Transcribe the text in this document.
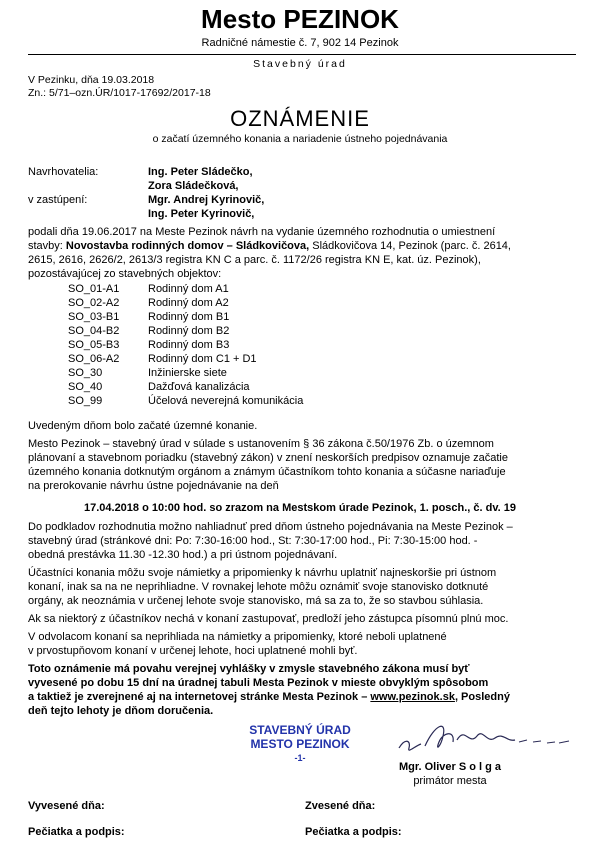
Mesto PEZINOK
Radničné námestie č. 7, 902 14 Pezinok
Stavebný úrad
V Pezinku, dňa 19.03.2018
Zn.: 5/71–ozn.ÚR/1017-17692/2017-18
OZNÁMENIE
o začatí územného konania a nariadenie ústneho pojednávania
Navrhovatelia:	Ing. Peter Sládečko,
Zora Sládečková,
v zastúpení:	Mgr. Andrej Kyrinovič,
Ing. Peter Kyrinovič,
podali dňa 19.06.2017 na Meste Pezinok návrh na vydanie územného rozhodnutia o umiestnení
stavby: Novostavba rodinných domov – Sládkovičova, Sládkovičova 14, Pezinok (parc. č. 2614,
2615, 2616, 2626/2, 2613/3 registra KN C a parc. č. 1172/26 registra KN E, kat. úz. Pezinok),
pozostávajúcej zo stavebných objektov:
SO_01-A1	Rodinný dom A1
SO_02-A2	Rodinný dom A2
SO_03-B1	Rodinný dom B1
SO_04-B2	Rodinný dom B2
SO_05-B3	Rodinný dom B3
SO_06-A2	Rodinný dom C1 + D1
SO_30	Inžinierske siete
SO_40	Dažďová kanalizácia
SO_99	Účelová neverejná komunikácia
Uvedeným dňom bolo začaté územné konanie.
Mesto Pezinok – stavebný úrad v súlade s ustanovením § 36 zákona č.50/1976 Zb. o územnom
plánovaní a stavebnom poriadku (stavebný zákon) v znení neskorších predpisov oznamuje začatie
územného konania dotknutým orgánom a známym účastníkom tohto konania a súčasne nariaďuje
na prerokovanie návrhu ústne pojednávanie na deň
17.04.2018 o 10:00 hod. so zrazom na Mestskom úrade Pezinok, 1. posch., č. dv. 19
Do podkladov rozhodnutia možno nahliadnuť pred dňom ústneho pojednávania na Meste Pezinok –
stavebný úrad (stránkové dni: Po: 7:30-16:00 hod., St: 7:30-17:00 hod., Pi: 7:30-15:00 hod. -
obedná prestávka 11.30 -12.30 hod.) a pri ústnom pojednávaní.
Účastníci konania môžu svoje námietky a pripomienky k návrhu uplatniť najneskoršie pri ústnom
konaní, inak sa na ne neprihliadne. V rovnakej lehote môžu oznámiť svoje stanovisko dotknuté
orgány, ak neoznámia v určenej lehote svoje stanovisko, má sa za to, že so stavbou súhlasia.
Ak sa niektorý z účastníkov nechá v konaní zastupovať, predloží jeho zástupca písomnú plnú moc.
V odvolacom konaní sa neprihliada na námietky a pripomienky, ktoré neboli uplatnené
v prvostupňovom konaní v určenej lehote, hoci uplatnené mohli byť.
Toto oznámenie má povahu verejnej vyhlášky v zmysle stavebného zákona musí byť
vyvesené po dobu 15 dní na úradnej tabuli Mesta Pezinok v mieste obvyklým spôsobom
a taktiež je zverejnené aj na internetovej stránke Mesta Pezinok – www.pezinok.sk, Posledný
deň tejto lehoty je dňom doručenia.
STAVEBNÝ ÚRAD
MESTO PEZINOK
-1-
Mgr. Oliver S o l g a
primátor mesta
Vyvesené dňa:	Zvesené dňa:
Pečiatka a podpis:	Pečiatka a podpis:
